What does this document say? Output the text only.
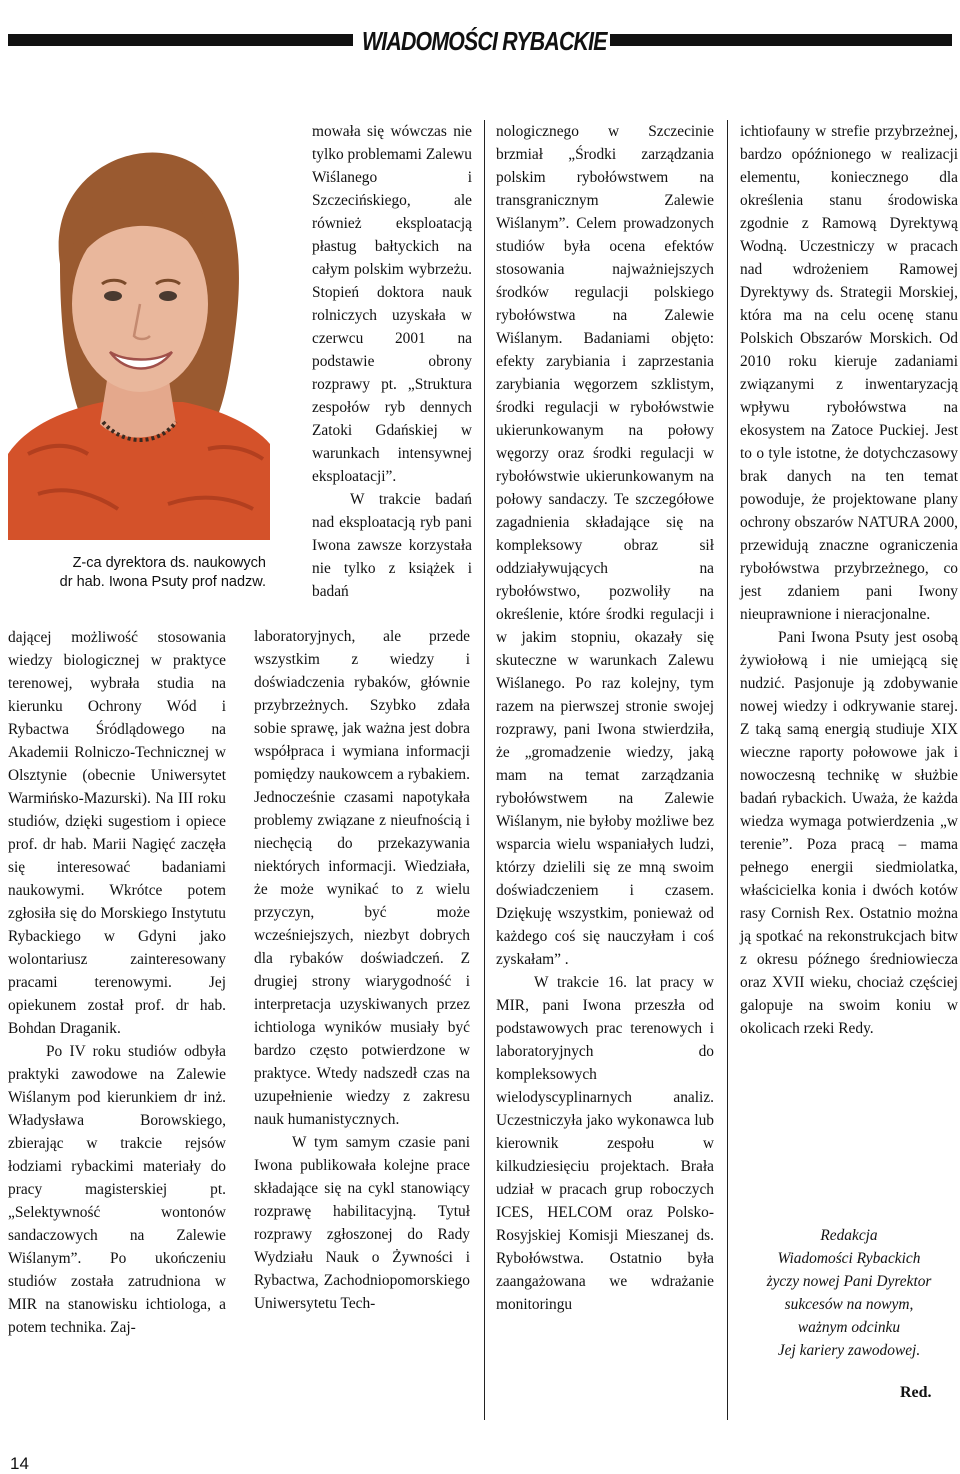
WIADOMOŚCI RYBACKIE
Z-ca dyrektora ds. naukowych
dr hab. Iwona Psuty prof nadzw.

dającej możliwość stosowania wiedzy biologicznej w praktyce terenowej, wybrała studia na kierunku Ochrony Wód i Rybactwa Śródlądowego na Akademii Rolniczo-Technicznej w Olsztynie (obecnie Uniwersytet Warmińsko-Mazurski). Na III roku studiów, dzięki sugestiom i opiece prof. dr hab. Marii Nagięć zaczęła się interesować badaniami naukowymi. Wkrótce potem zgłosiła się do Morskiego Instytutu Rybackiego w Gdyni jako wolontariusz zainteresowany pracami terenowymi. Jej opiekunem został prof. dr hab. Bohdan Draganik.

Po IV roku studiów odbyła praktyki zawodowe na Zalewie Wiślanym pod kierunkiem dr inż. Władysława Borowskiego, zbierając w trakcie rejsów łodziami rybackimi materiały do pracy magisterskiej pt. „Selektywność wontonów sandaczowych na Zalewie Wiślanym”. Po ukończeniu studiów została zatrudniona w MIR na stanowisku ichtiologa, a potem technika. Zaj-

mowała się wówczas nie tylko problemami Zalewu Wiślanego i Szczecińskiego, ale również eksploatacją płastug bałtyckich na całym polskim wybrzeżu. Stopień doktora nauk rolniczych uzyskała w czerwcu 2001 na podstawie obrony rozprawy pt. „Struktura zespołów ryb dennych Zatoki Gdańskiej w warunkach intensywnej eksploatacji”.

W trakcie badań nad eksploatacją ryb pani Iwona zawsze korzystała nie tylko z książek i badań

laboratoryjnych, ale przede wszystkim z wiedzy i doświadczenia rybaków, głównie przybrzeżnych. Szybko zdała sobie sprawę, jak ważna jest dobra współpraca i wymiana informacji pomiędzy naukowcem a rybakiem. Jednocześnie czasami napotykała problemy związane z nieufnością i niechęcią do przekazywania niektórych informacji. Wiedziała, że może wynikać to z wielu przyczyn, być może wcześniejszych, niezbyt dobrych dla rybaków doświadczeń. Z drugiej strony wiarygodność i interpretacja uzyskiwanych przez ichtiologa wyników musiały być bardzo często potwierdzone w praktyce. Wtedy nadszedł czas na uzupełnienie wiedzy z zakresu nauk humanistycznych.

W tym samym czasie pani Iwona publikowała kolejne prace składające się na cykl stanowiący rozprawę habilitacyjną. Tytuł rozprawy zgłoszonej do Rady Wydziału Nauk o Żywności i Rybactwa, Zachodniopomorskiego Uniwersytetu Tech-

nologicznego w Szczecinie brzmiał „Środki zarządzania polskim rybołówstwem na transgranicznym Zalewie Wiślanym”. Celem prowadzonych studiów była ocena efektów stosowania najważniejszych środków regulacji polskiego rybołówstwa na Zalewie Wiślanym. Badaniami objęto: efekty zarybiania i zaprzestania zarybiania węgorzem szklistym, środki regulacji w rybołówstwie ukierunkowanym na połowy węgorzy oraz środki regulacji w rybołówstwie ukierunkowanym na połowy sandaczy. Te szczegółowe zagadnienia składające się na kompleksowy obraz sił oddziaływujących na rybołówstwo, pozwoliły na określenie, które środki regulacji i w jakim stopniu, okazały się skuteczne w warunkach Zalewu Wiślanego. Po raz kolejny, tym razem na pierwszej stronie swojej rozprawy, pani Iwona stwierdziła, że „gromadzenie wiedzy, jaką mam na temat zarządzania rybołówstwem na Zalewie Wiślanym, nie byłoby możliwe bez wsparcia wielu wspaniałych ludzi, którzy dzielili się ze mną swoim doświadczeniem i czasem. Dziękuję wszystkim, ponieważ od każdego coś się nauczyłam i coś zyskałam” .

W trakcie 16. lat pracy w MIR, pani Iwona przeszła od podstawowych prac terenowych i laboratoryjnych do kompleksowych wielodyscyplinarnych analiz. Uczestniczyła jako wykonawca lub kierownik zespołu w kilkudziesięciu projektach. Brała udział w pracach grup roboczych ICES, HELCOM oraz Polsko-Rosyjskiej Komisji Mieszanej ds. Rybołówstwa. Ostatnio była zaangażowana we wdrażanie monitoringu

ichtiofauny w strefie przybrzeżnej, bardzo opóźnionego w realizacji elementu, koniecznego dla określenia stanu środowiska zgodnie z Ramową Dyrektywą Wodną. Uczestniczy w pracach nad wdrożeniem Ramowej Dyrektywy ds. Strategii Morskiej, która ma na celu ocenę stanu Polskich Obszarów Morskich. Od 2010 roku kieruje zadaniami związanymi z inwentaryzacją wpływu rybołówstwa na ekosystem na Zatoce Puckiej. Jest to o tyle istotne, że dotychczasowy brak danych na ten temat powoduje, że projektowane plany ochrony obszarów NATURA 2000, przewidują znaczne ograniczenia rybołówstwa przybrzeżnego, co jest zdaniem pani Iwony nieuprawnione i nieracjonalne.

Pani Iwona Psuty jest osobą żywiołową i nie umiejącą się nudzić. Pasjonuje ją zdobywanie nowej wiedzy i odkrywanie starej. Z taką samą energią studiuje XIX wieczne raporty połowowe jak i nowoczesną technikę w służbie badań rybackich. Uważa, że każda wiedza wymaga potwierdzenia „w terenie”. Poza pracą – mama pełnego energii siedmiolatka, właścicielka konia i dwóch kotów rasy Cornish Rex. Ostatnio można ją spotkać na rekonstrukcjach bitw z okresu późnego średniowiecza oraz XVII wieku, chociaż częściej galopuje na swoim koniu w okolicach rzeki Redy.

Redakcja
Wiadomości Rybackich
życzy nowej Pani Dyrektor
sukcesów na nowym,
ważnym odcinku
Jej kariery zawodowej.
Red.
14
